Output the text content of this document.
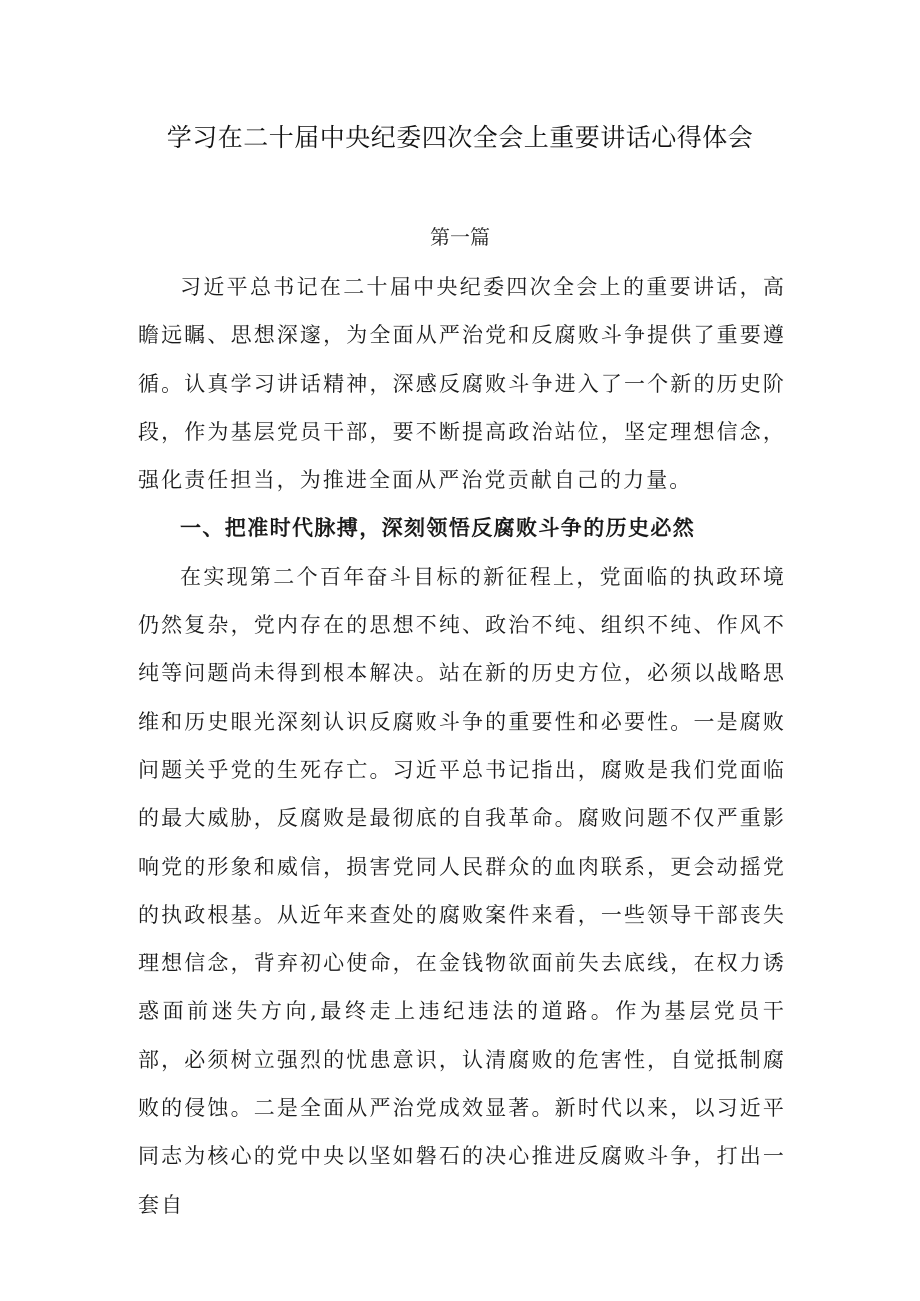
学习在二十届中央纪委四次全会上重要讲话心得体会
第一篇

习近平总书记在二十届中央纪委四次全会上的重要讲话，高瞻远瞩、思想深邃，为全面从严治党和反腐败斗争提供了重要遵循。认真学习讲话精神，深感反腐败斗争进入了一个新的历史阶段，作为基层党员干部，要不断提高政治站位，坚定理想信念，强化责任担当，为推进全面从严治党贡献自己的力量。

一、把准时代脉搏，深刻领悟反腐败斗争的历史必然

在实现第二个百年奋斗目标的新征程上，党面临的执政环境仍然复杂，党内存在的思想不纯、政治不纯、组织不纯、作风不纯等问题尚未得到根本解决。站在新的历史方位，必须以战略思维和历史眼光深刻认识反腐败斗争的重要性和必要性。一是腐败问题关乎党的生死存亡。习近平总书记指出，腐败是我们党面临的最大威胁，反腐败是最彻底的自我革命。腐败问题不仅严重影响党的形象和威信，损害党同人民群众的血肉联系，更会动摇党的执政根基。从近年来查处的腐败案件来看，一些领导干部丧失理想信念，背弃初心使命，在金钱物欲面前失去底线，在权力诱惑面前迷失方向,最终走上违纪违法的道路。作为基层党员干部，必须树立强烈的忧患意识，认清腐败的危害性，自觉抵制腐败的侵蚀。二是全面从严治党成效显著。新时代以来，以习近平同志为核心的党中央以坚如磐石的决心推进反腐败斗争，打出一套自
